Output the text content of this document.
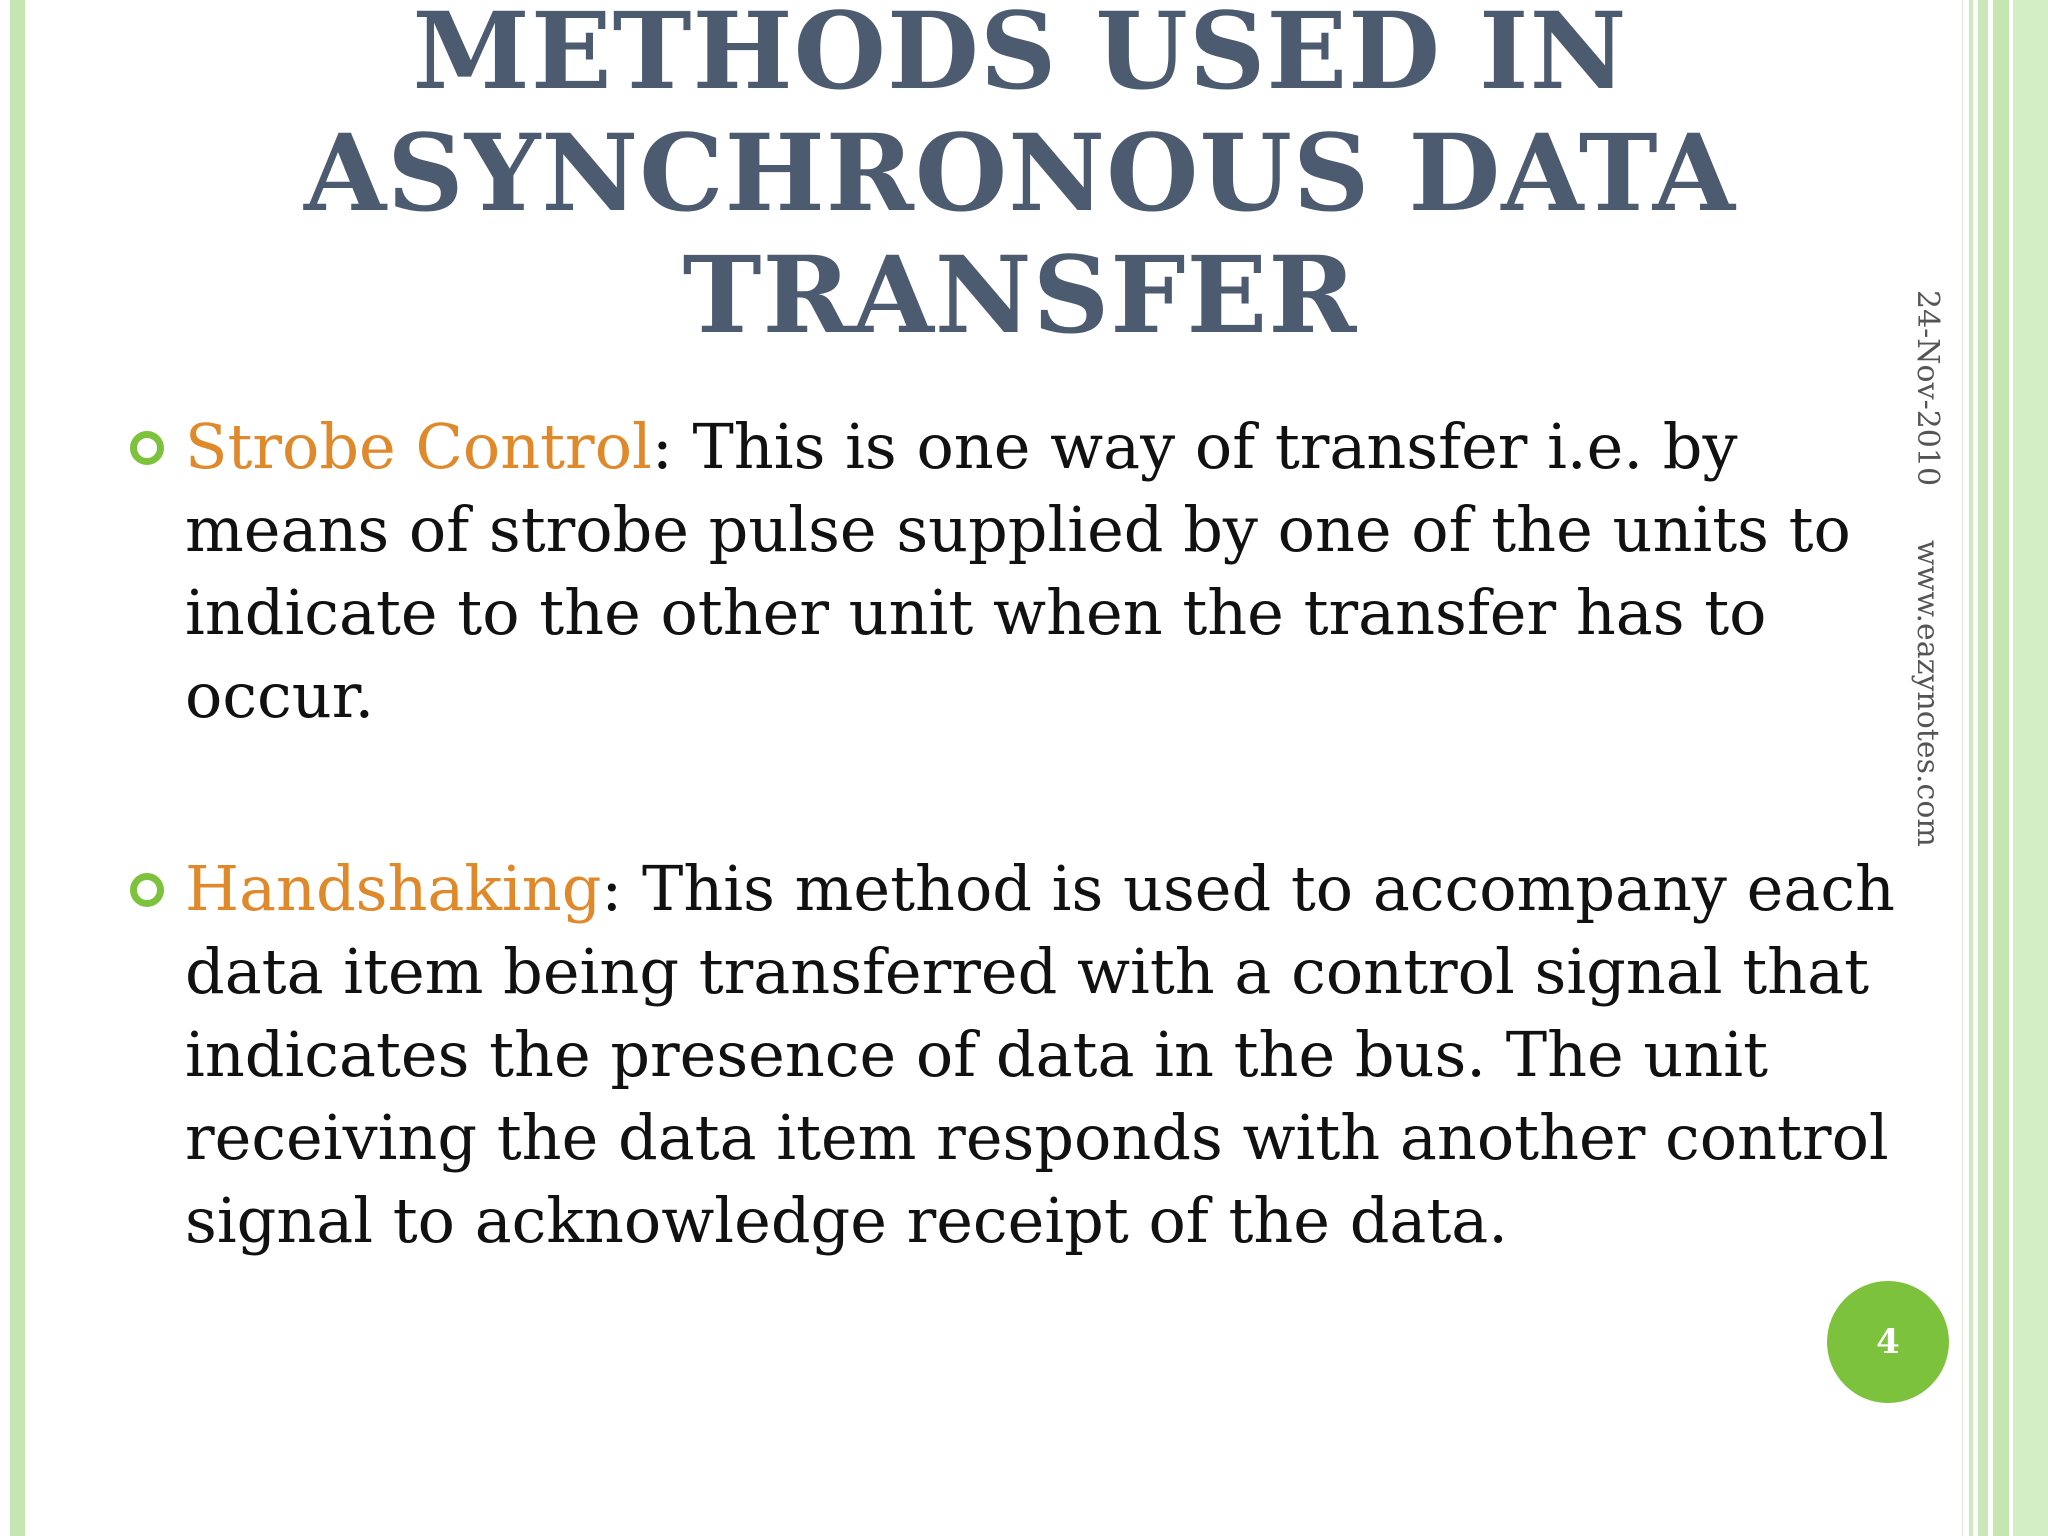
METHODS USED IN
ASYNCHRONOUS DATA
TRANSFER

Strobe Control: This is one way of transfer i.e. by
means of strobe pulse supplied by one of the units to
indicate to the other unit when the transfer has to
occur.

Handshaking: This method is used to accompany each
data item being transferred with a control signal that
indicates the presence of data in the bus. The unit
receiving the data item responds with another control
signal to acknowledge receipt of the data.

24-Nov-2010
www.eazynotes.com
4
